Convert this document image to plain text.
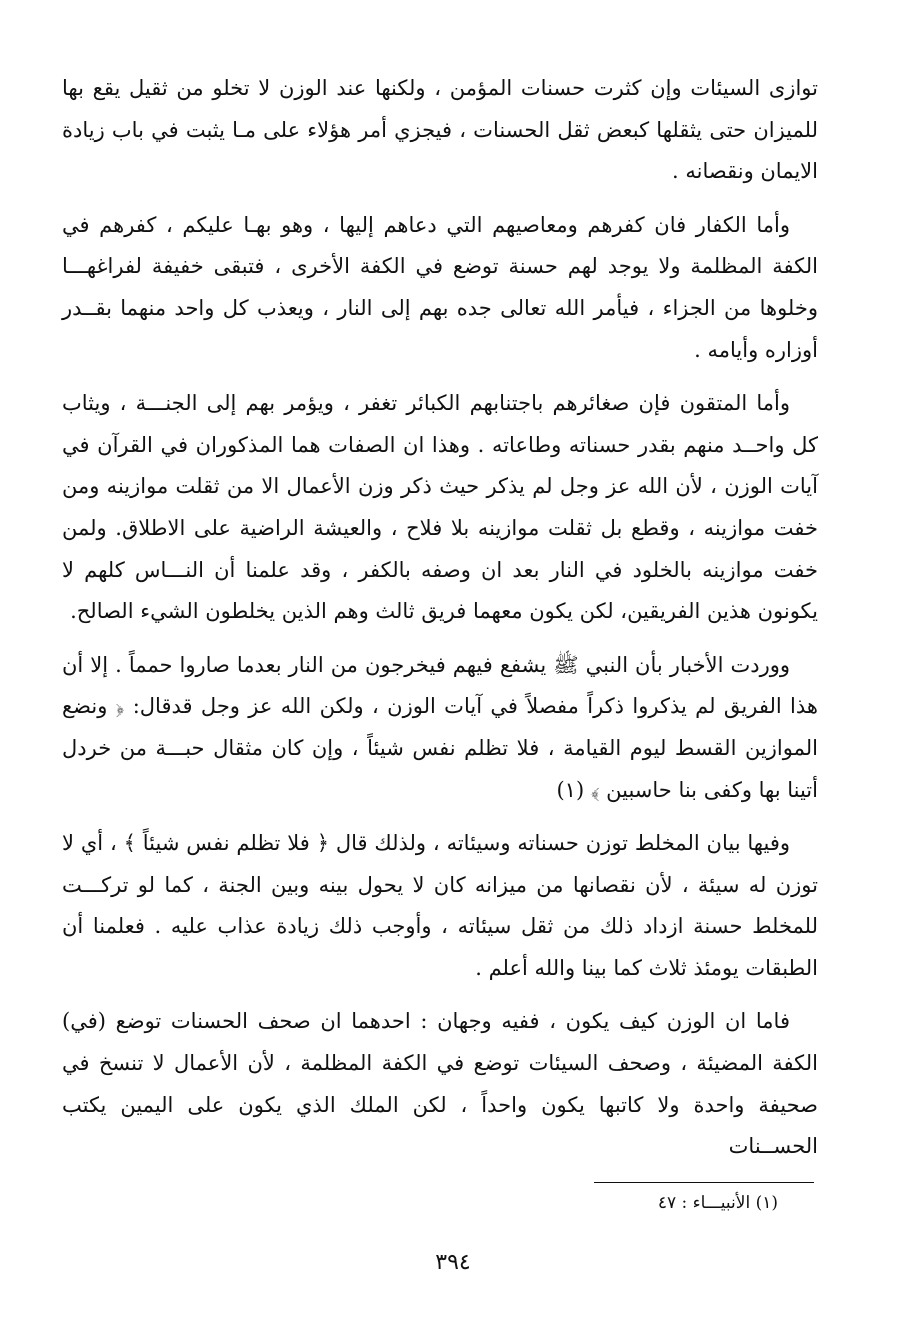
توازى السيئات وإن كثرت حسنات المؤمن ، ولكنها عند الوزن لا تخلو من ثقيل يقع بها للميزان حتى يثقلها كبعض ثقل الحسنات ، فيجزي أمر هؤلاء على مـا يثبت في باب زيادة الايمان ونقصانه .

وأما الكفار فان كفرهم ومعاصيهم التي دعاهم إليها ، وهو بهـا عليكم ، كفرهم في الكفة المظلمة ولا يوجد لهم حسنة توضع في الكفة الأخرى ، فتبقى خفيفة لفراغهـــا وخلوها من الجزاء ، فيأمر الله تعالى جده بهم إلى النار ، ويعذب كل واحد منهما بقــدر أوزاره وأيامه .

وأما المتقون فإن صغائرهم باجتنابهم الكبائر تغفر ، ويؤمر بهم إلى الجنـــة ، ويثاب كل واحــد منهم بقدر حسناته وطاعاته . وهذا ان الصفات هما المذكوران في القرآن في آيات الوزن ، لأن الله عز وجل لم يذكر حيث ذكر وزن الأعمال الا من ثقلت موازينه ومن خفت موازينه ، وقطع بل ثقلت موازينه بلا فلاح ، والعيشة الراضية على الاطلاق. ولمن خفت موازينه بالخلود في النار بعد ان وصفه بالكفر ، وقد علمنا أن النـــاس كلهم لا يكونون هذين الفريقين، لكن يكون معهما فريق ثالث وهم الذين يخلطون الشيء الصالح.

ووردت الأخبار بأن النبي ﷺ يشفع فيهم فيخرجون من النار بعدما صاروا حمماً . إلا أن هذا الفريق لم يذكروا ذكراً مفصلاً في آيات الوزن ، ولكن الله عز وجل قدقال: ﴿ ونضع الموازين القسط ليوم القيامة ، فلا تظلم نفس شيئاً ، وإن كان مثقال حبـــة من خردل أتينا بها وكفى بنا حاسبين ﴾ (١)

وفيها بيان المخلط توزن حسناته وسيئاته ، ولذلك قال ﴿ فلا تظلم نفس شيئاً ﴾ ، أي لا توزن له سيئة ، لأن نقصانها من ميزانه كان لا يحول بينه وبين الجنة ، كما لو تركـــت للمخلط حسنة ازداد ذلك من ثقل سيئاته ، وأوجب ذلك زيادة عذاب عليه . فعلمنا أن الطبقات يومئذ ثلاث كما بينا والله أعلم .

فاما ان الوزن كيف يكون ، ففيه وجهان : احدهما ان صحف الحسنات توضع (في) الكفة المضيئة ، وصحف السيئات توضع في الكفة المظلمة ، لأن الأعمال لا تنسخ في صحيفة واحدة ولا كاتبها يكون واحداً ، لكن الملك الذي يكون على اليمين يكتب الحســنات

(١) الأنبيـــاء : ٤٧
٣٩٤
